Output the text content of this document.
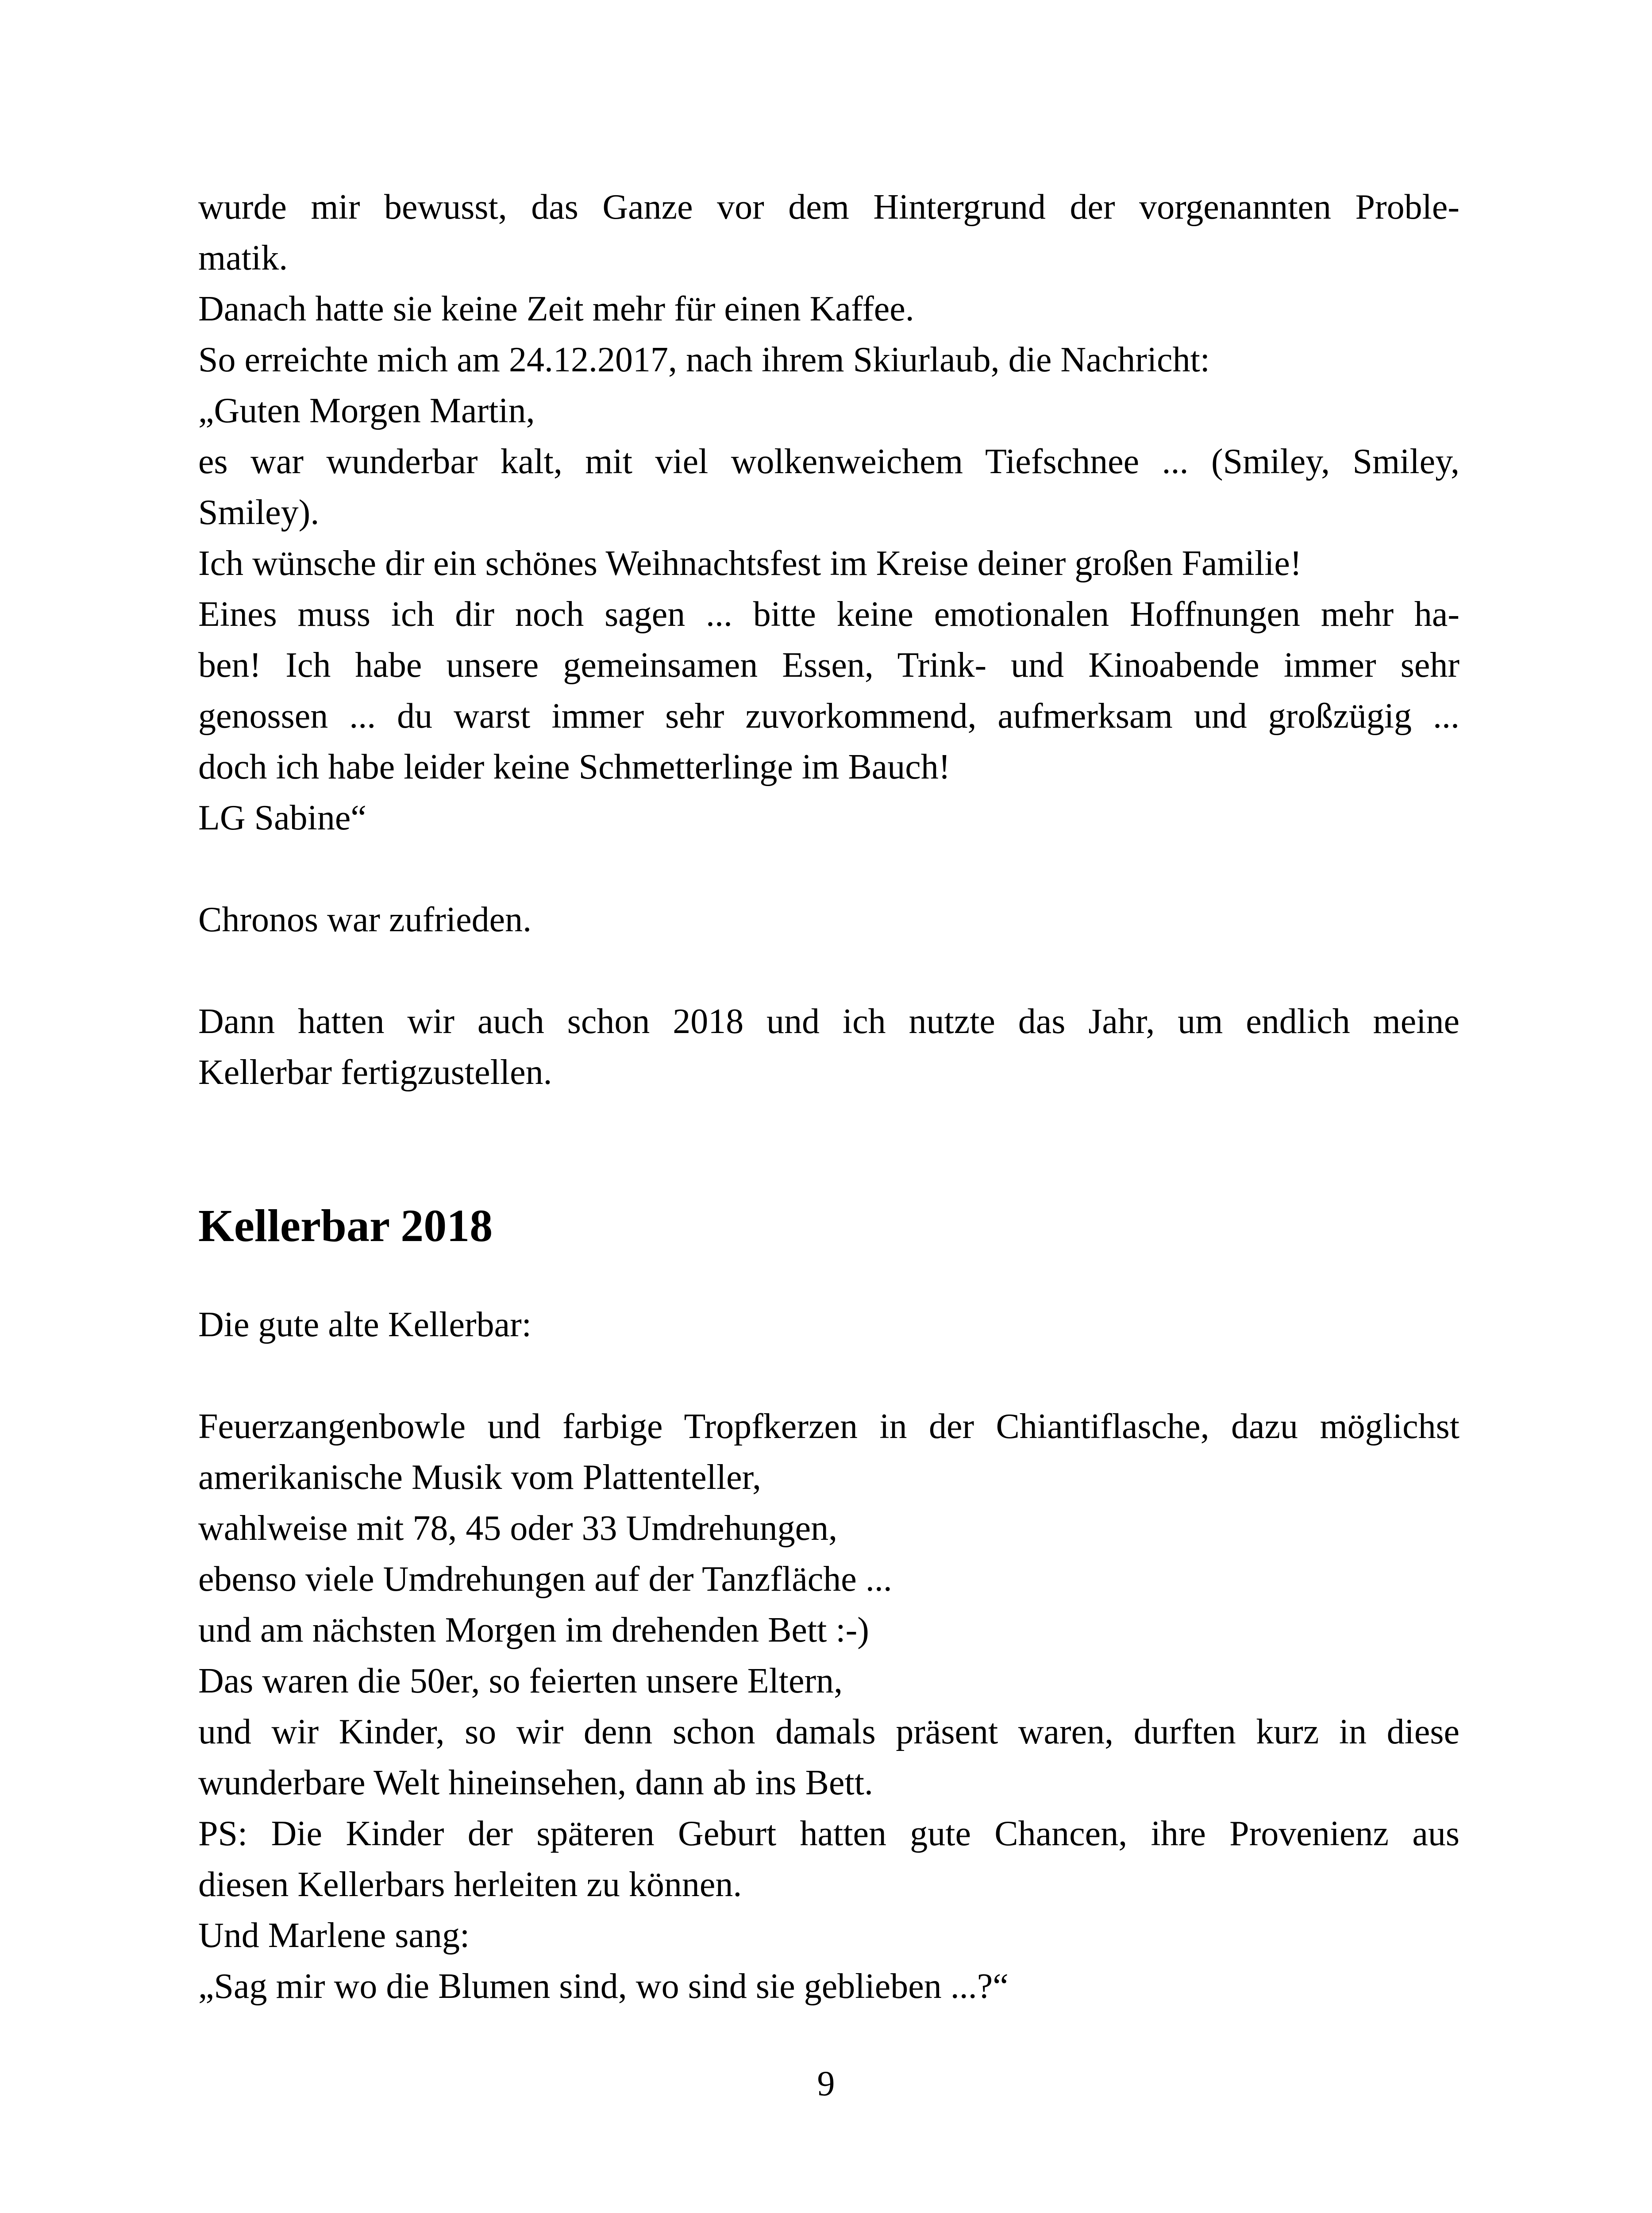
wurde mir bewusst, das Ganze vor dem Hintergrund der vorgenannten Proble-
matik.
Danach hatte sie keine Zeit mehr für einen Kaffee.
So erreichte mich am 24.12.2017, nach ihrem Skiurlaub, die Nachricht:
„Guten Morgen Martin,
es war wunderbar kalt, mit viel wolkenweichem Tiefschnee ... (Smiley, Smiley,
Smiley).
Ich wünsche dir ein schönes Weihnachtsfest im Kreise deiner großen Familie!
Eines muss ich dir noch sagen ... bitte keine emotionalen Hoffnungen mehr ha-
ben! Ich habe unsere gemeinsamen Essen, Trink- und Kinoabende immer sehr
genossen ... du warst immer sehr zuvorkommend, aufmerksam und großzügig ...
doch ich habe leider keine Schmetterlinge im Bauch!
LG Sabine“
Chronos war zufrieden.
Dann hatten wir auch schon 2018 und ich nutzte das Jahr, um endlich meine
Kellerbar fertigzustellen.
Kellerbar 2018
Die gute alte Kellerbar:
Feuerzangenbowle und farbige Tropfkerzen in der Chiantiflasche, dazu möglichst
amerikanische Musik vom Plattenteller,
wahlweise mit 78, 45 oder 33 Umdrehungen,
ebenso viele Umdrehungen auf der Tanzfläche ...
und am nächsten Morgen im drehenden Bett :-)
Das waren die 50er, so feierten unsere Eltern,
und wir Kinder, so wir denn schon damals präsent waren, durften kurz in diese
wunderbare Welt hineinsehen, dann ab ins Bett.
PS: Die Kinder der späteren Geburt hatten gute Chancen, ihre Provenienz aus
diesen Kellerbars herleiten zu können.
Und Marlene sang:
„Sag mir wo die Blumen sind, wo sind sie geblieben ...?“
9
